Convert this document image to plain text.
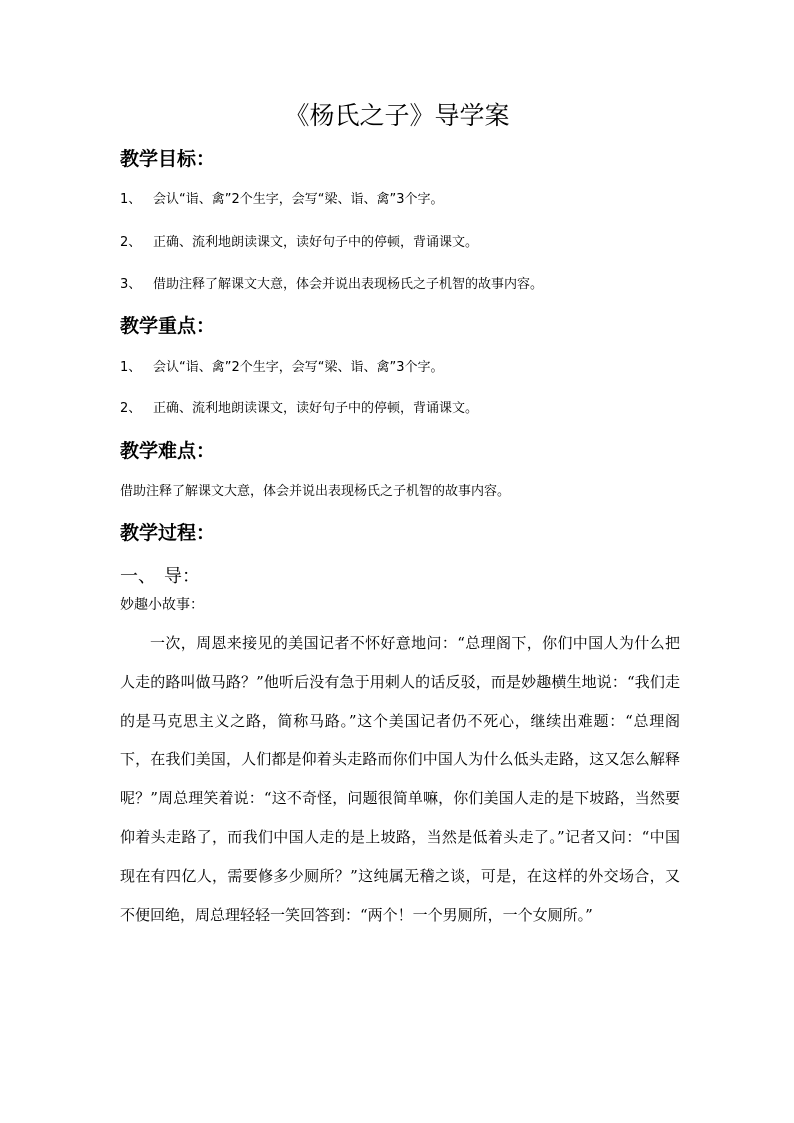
《杨氏之子》导学案
教学目标：
1、 会认“诣、禽”2个生字，会写“梁、诣、禽”3个字。
2、 正确、流利地朗读课文，读好句子中的停顿，背诵课文。
3、 借助注释了解课文大意，体会并说出表现杨氏之子机智的故事内容。
教学重点：
1、 会认“诣、禽”2个生字，会写“梁、诣、禽”3个字。
2、 正确、流利地朗读课文，读好句子中的停顿，背诵课文。
教学难点：
借助注释了解课文大意，体会并说出表现杨氏之子机智的故事内容。
教学过程：
一、 导：
妙趣小故事：
一次，周恩来接见的美国记者不怀好意地问：“总理阁下，你们中国人为什么把人走的路叫做马路？”他听后没有急于用刺人的话反驳，而是妙趣横生地说：“我们走的是马克思主义之路，简称马路。”这个美国记者仍不死心，继续出难题：“总理阁下，在我们美国，人们都是仰着头走路而你们中国人为什么低头走路，这又怎么解释呢？”周总理笑着说：“这不奇怪，问题很简单嘛，你们美国人走的是下坡路，当然要仰着头走路了，而我们中国人走的是上坡路，当然是低着头走了。”记者又问：“中国现在有四亿人，需要修多少厕所？”这纯属无稽之谈，可是，在这样的外交场合，又不便回绝，周总理轻轻一笑回答到：“两个！一个男厕所，一个女厕所。”
